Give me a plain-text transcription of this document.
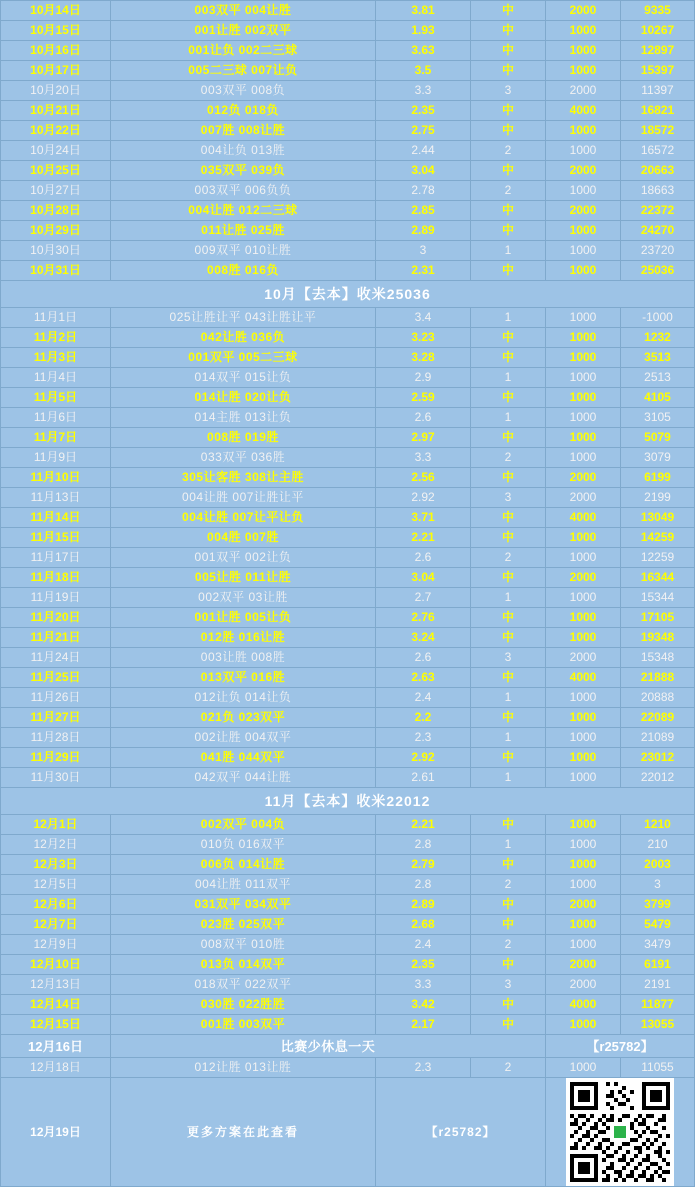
10月14日	003双平 004让胜	3.81	中	2000	9335
10月15日	001让胜 002双平	1.93	中	1000	10267
10月16日	001让负 002二三球	3.63	中	1000	12897
10月17日	005二三球 007让负	3.5	中	1000	15397
10月20日	003双平 008负	3.3	3	2000	11397
10月21日	012负 018负	2.35	中	4000	16821
10月22日	007胜 008让胜	2.75	中	1000	18572
10月24日	004让负 013胜	2.44	2	1000	16572
10月25日	035双平 039负	3.04	中	2000	20663
10月27日	003双平 006负负	2.78	2	1000	18663
10月28日	004让胜 012二三球	2.85	中	2000	22372
10月29日	011让胜 025胜	2.89	中	1000	24270
10月30日	009双平 010让胜	3	1	1000	23720
10月31日	008胜 016负	2.31	中	1000	25036
10月【去本】收米25036					
11月1日	025让胜让平 043让胜让平	3.4	1	1000	-1000
11月2日	042让胜 036负	3.23	中	1000	1232
11月3日	001双平 005二三球	3.28	中	1000	3513
11月4日	014双平 015让负	2.9	1	1000	2513
11月5日	014让胜 020让负	2.59	中	1000	4105
11月6日	014主胜 013让负	2.6	1	1000	3105
11月7日	008胜 019胜	2.97	中	1000	5079
11月9日	033双平 036胜	3.3	2	1000	3079
11月10日	305让客胜 308让主胜	2.56	中	2000	6199
11月13日	004让胜 007让胜让平	2.92	3	2000	2199
11月14日	004让胜 007让平让负	3.71	中	4000	13049
11月15日	004胜 007胜	2.21	中	1000	14259
11月17日	001双平 002让负	2.6	2	1000	12259
11月18日	005让胜 011让胜	3.04	中	2000	16344
11月19日	002双平 03让胜	2.7	1	1000	15344
11月20日	001让胜 005让负	2.76	中	1000	17105
11月21日	012胜 016让胜	3.24	中	1000	19348
11月24日	003让胜 008胜	2.6	3	2000	15348
11月25日	013双平 016胜	2.63	中	4000	21888
11月26日	012让负 014让负	2.4	1	1000	20888
11月27日	021负 023双平	2.2	中	1000	22089
11月28日	002让胜 004双平	2.3	1	1000	21089
11月29日	041胜 044双平	2.92	中	1000	23012
11月30日	042双平 044让胜	2.61	1	1000	22012
11月【去本】收米22012					
12月1日	002双平 004负	2.21	中	1000	1210
12月2日	010负 016双平	2.8	1	1000	210
12月3日	006负 014让胜	2.79	中	1000	2003
12月5日	004让胜 011双平	2.8	2	1000	3
12月6日	031双平 034双平	2.89	中	2000	3799
12月7日	023胜 025双平	2.68	中	1000	5479
12月9日	008双平 010胜	2.4	2	1000	3479
12月10日	013负 014双平	2.35	中	2000	6191
12月13日	018双平 022双平	3.3	3	2000	2191
12月14日	030胜 022胜胜	3.42	中	4000	11877
12月15日	001胜 003双平	2.17	中	1000	13055
12月16日	比赛少休息一天			【r25782】	
12月18日	012让胜 013让胜	2.3	2	1000	11055
12月19日	更多方案在此查看	【r25782】	
